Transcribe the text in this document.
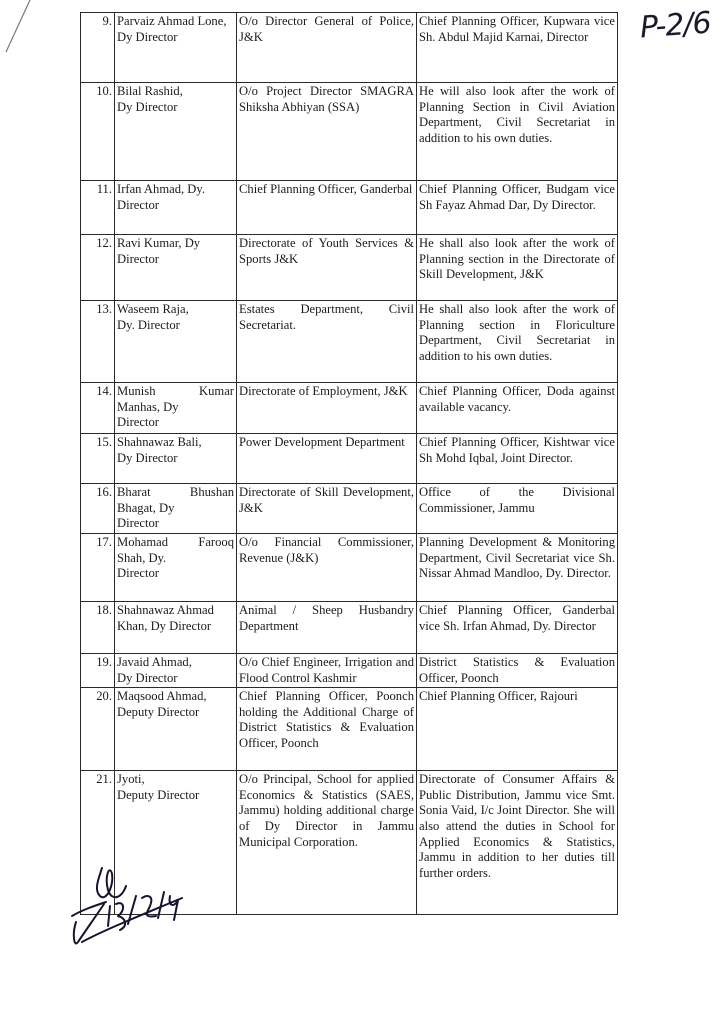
P-2/6
9.	Parvaiz Ahmad Lone,
Dy Director	O/o Director General of Police, J&K	Chief Planning Officer, Kupwara vice Sh. Abdul Majid Karnai, Director
10.	Bilal Rashid,
Dy Director	O/o Project Director SMAGRA Shiksha Abhiyan (SSA)	He will also look after the work of Planning Section in Civil Aviation Department, Civil Secretariat in addition to his own duties.
11.	Irfan Ahmad, Dy.
Director	Chief Planning Officer, Ganderbal	Chief Planning Officer, Budgam vice Sh Fayaz Ahmad Dar, Dy Director.
12.	Ravi Kumar, Dy
Director	Directorate of Youth Services & Sports J&K	He shall also look after the work of Planning section in the Directorate of Skill Development, J&K
13.	Waseem Raja,
Dy. Director	Estates Department, Civil Secretariat.	He shall also look after the work of Planning section in Floriculture Department, Civil Secretariat in addition to his own duties.
14.	Munish Kumar Manhas, Dy
Director	Directorate of Employment, J&K	Chief Planning Officer, Doda against available vacancy.
15.	Shahnawaz Bali,
Dy Director	Power Development Department	Chief Planning Officer, Kishtwar vice Sh Mohd Iqbal, Joint Director.
16.	Bharat Bhushan Bhagat, Dy
Director	Directorate of Skill Development, J&K	Office of the Divisional Commissioner, Jammu
17.	Mohamad Farooq Shah, Dy.
Director	O/o Financial Commissioner, Revenue (J&K)	Planning Development & Monitoring Department, Civil Secretariat vice Sh. Nissar Ahmad Mandloo, Dy. Director.
18.	Shahnawaz Ahmad
Khan, Dy Director	Animal / Sheep Husbandry Department	Chief Planning Officer, Ganderbal vice Sh. Irfan Ahmad, Dy. Director
19.	Javaid Ahmad,
Dy Director	O/o Chief Engineer, Irrigation and Flood Control Kashmir	District Statistics & Evaluation Officer, Poonch
20.	Maqsood Ahmad,
Deputy Director	Chief Planning Officer, Poonch holding the Additional Charge of District Statistics & Evaluation Officer, Poonch	Chief Planning Officer, Rajouri
21.	Jyoti,
Deputy Director	O/o Principal, School for applied Economics & Statistics (SAES, Jammu) holding additional charge of Dy Director in Jammu Municipal Corporation.	Directorate of Consumer Affairs & Public Distribution, Jammu vice Smt. Sonia Vaid, I/c Joint Director. She will also attend the duties in School for Applied Economics & Statistics, Jammu in addition to her duties till further orders.
